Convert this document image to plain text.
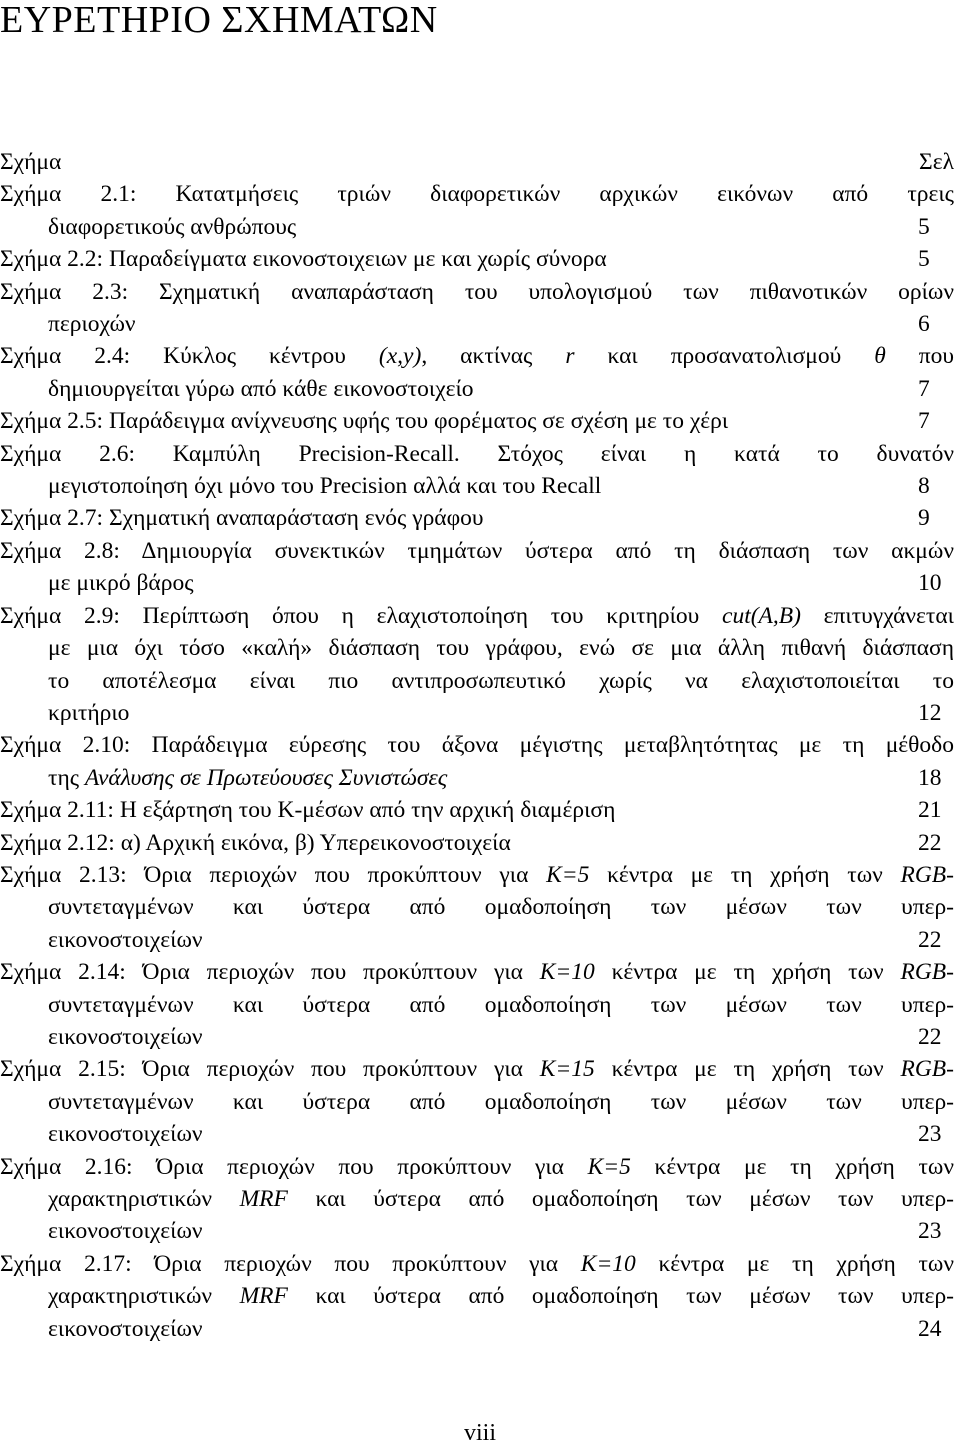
ΕΥΡΕΤΗΡΙΟ ΣΧΗΜΑΤΩΝ
Σχήμα	Σελ
Σχήμα 2.1: Κατατμήσεις τριών διαφορετικών αρχικών εικόνων από τρεις
διαφορετικούς ανθρώπους	5
Σχήμα 2.2: Παραδείγματα εικονοστοιχειων με και χωρίς σύνορα	5
Σχήμα 2.3: Σχηματική αναπαράσταση του υπολογισμού των πιθανοτικών ορίων
περιοχών	6
Σχήμα 2.4: Κύκλος κέντρου (x,y), ακτίνας r και προσανατολισμού θ που
δημιουργείται γύρω από κάθε εικονοστοιχείο	7
Σχήμα 2.5: Παράδειγμα ανίχνευσης υφής του φορέματος σε σχέση με το χέρι	7
Σχήμα 2.6: Καμπύλη Precision-Recall. Στόχος είναι η κατά το δυνατόν
μεγιστοποίηση όχι μόνο του Precision αλλά και του Recall	8
Σχήμα 2.7: Σχηματική αναπαράσταση ενός γράφου	9
Σχήμα 2.8: Δημιουργία συνεκτικών τμημάτων ύστερα από τη διάσπαση των ακμών
με μικρό βάρος	10
Σχήμα 2.9: Περίπτωση όπου η ελαχιστοποίηση του κριτηρίου cut(A,B) επιτυγχάνεται
με μια όχι τόσο «καλή» διάσπαση του γράφου, ενώ σε μια άλλη πιθανή διάσπαση
το αποτέλεσμα είναι πιο αντιπροσωπευτικό χωρίς να ελαχιστοποιείται το
κριτήριο	12
Σχήμα 2.10: Παράδειγμα εύρεσης του άξονα μέγιστης μεταβλητότητας με τη μέθοδο
της Ανάλυσης σε Πρωτεύουσες Συνιστώσες	18
Σχήμα 2.11: Η εξάρτηση του Κ-μέσων από την αρχική διαμέριση	21
Σχήμα 2.12: α) Αρχική εικόνα, β) Υπερεικονοστοιχεία	22
Σχήμα 2.13: Όρια περιοχών που προκύπτουν για K=5 κέντρα με τη χρήση των RGB-
συντεταγμένων και ύστερα από ομαδοποίηση των μέσων των υπερ-
εικονοστοιχείων	22
Σχήμα 2.14: Όρια περιοχών που προκύπτουν για K=10 κέντρα με τη χρήση των RGB-
συντεταγμένων και ύστερα από ομαδοποίηση των μέσων των υπερ-
εικονοστοιχείων	22
Σχήμα 2.15: Όρια περιοχών που προκύπτουν για K=15 κέντρα με τη χρήση των RGB-
συντεταγμένων και ύστερα από ομαδοποίηση των μέσων των υπερ-
εικονοστοιχείων	23
Σχήμα 2.16: Όρια περιοχών που προκύπτουν για K=5 κέντρα με τη χρήση των
χαρακτηριστικών MRF και ύστερα από ομαδοποίηση των μέσων των υπερ-
εικονοστοιχείων	23
Σχήμα 2.17: Όρια περιοχών που προκύπτουν για K=10 κέντρα με τη χρήση των
χαρακτηριστικών MRF και ύστερα από ομαδοποίηση των μέσων των υπερ-
εικονοστοιχείων	24
viii
